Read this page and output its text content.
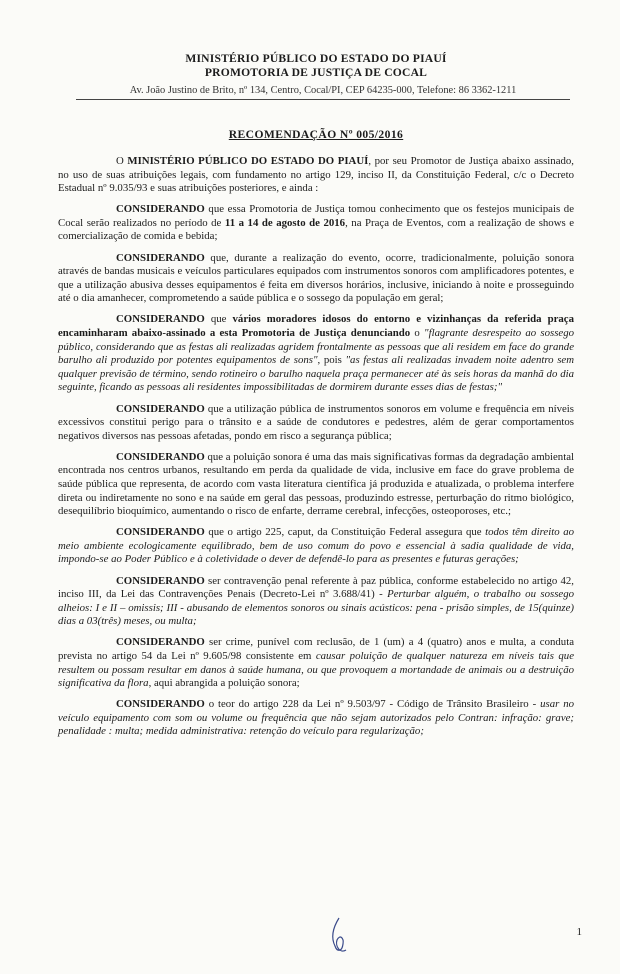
MINISTÉRIO PÚBLICO DO ESTADO DO PIAUÍ
PROMOTORIA DE JUSTIÇA DE COCAL
Av. João Justino de Brito, nº 134, Centro, Cocal/PI, CEP 64235-000, Telefone: 86 3362-1211
RECOMENDAÇÃO Nº 005/2016

O MINISTÉRIO PÚBLICO DO ESTADO DO PIAUÍ, por seu Promotor de Justiça abaixo assinado, no uso de suas atribuições legais, com fundamento no artigo 129, inciso II, da Constituição Federal, c/c o Decreto Estadual nº 9.035/93 e suas atribuições posteriores, e ainda :

CONSIDERANDO que essa Promotoria de Justiça tomou conhecimento que os festejos municipais de Cocal serão realizados no período de 11 a 14 de agosto de 2016, na Praça de Eventos, com a realização de shows e comercialização de comida e bebida;

CONSIDERANDO que, durante a realização do evento, ocorre, tradicionalmente, poluição sonora através de bandas musicais e veículos particulares equipados com instrumentos sonoros com amplificadores potentes, e que a utilização abusiva desses equipamentos é feita em diversos horários, inclusive, iniciando à noite e prosseguindo até o dia amanhecer, comprometendo a saúde pública e o sossego da população em geral;

CONSIDERANDO que vários moradores idosos do entorno e vizinhanças da referida praça encaminharam abaixo-assinado a esta Promotoria de Justiça denunciando o "flagrante desrespeito ao sossego público, considerando que as festas ali realizadas agridem frontalmente as pessoas que ali residem em face do grande barulho ali produzido por potentes equipamentos de sons", pois "as festas ali realizadas invadem noite adentro sem qualquer previsão de término, sendo rotineiro o barulho naquela praça permanecer até às seis horas da manhã do dia seguinte, ficando as pessoas ali residentes impossibilitadas de dormirem durante esses dias de festas;"

CONSIDERANDO que a utilização pública de instrumentos sonoros em volume e frequência em níveis excessivos constitui perigo para o trânsito e a saúde de condutores e pedestres, além de gerar comportamentos negativos diversos nas pessoas afetadas, pondo em risco a segurança pública;

CONSIDERANDO que a poluição sonora é uma das mais significativas formas da degradação ambiental encontrada nos centros urbanos, resultando em perda da qualidade de vida, inclusive em face do grave problema de saúde pública que representa, de acordo com vasta literatura científica já produzida e atualizada, o problema interfere direta ou indiretamente no sono e na saúde em geral das pessoas, produzindo estresse, perturbação do ritmo biológico, desequilíbrio bioquímico, aumentando o risco de enfarte, derrame cerebral, infecções, osteoporoses, etc.;

CONSIDERANDO que o artigo 225, caput, da Constituição Federal assegura que todos têm direito ao meio ambiente ecologicamente equilibrado, bem de uso comum do povo e essencial à sadia qualidade de vida, impondo-se ao Poder Público e à coletividade o dever de defendê-lo para as presentes e futuras gerações;

CONSIDERANDO ser contravenção penal referente à paz pública, conforme estabelecido no artigo 42, inciso III, da Lei das Contravenções Penais (Decreto-Lei nº 3.688/41) - Perturbar alguém, o trabalho ou sossego alheios: I e II – omissis; III - abusando de elementos sonoros ou sinais acústicos: pena - prisão simples, de 15(quinze) dias a 03(três) meses, ou multa;

CONSIDERANDO ser crime, punível com reclusão, de 1 (um) a 4 (quatro) anos e multa, a conduta prevista no artigo 54 da Lei nº 9.605/98 consistente em causar poluição de qualquer natureza em níveis tais que resultem ou possam resultar em danos à saúde humana, ou que provoquem a mortandade de animais ou a destruição significativa da flora, aqui abrangida a poluição sonora;

CONSIDERANDO o teor do artigo 228 da Lei nº 9.503/97 - Código de Trânsito Brasileiro - usar no veículo equipamento com som ou volume ou frequência que não sejam autorizados pelo Contran: infração: grave; penalidade : multa; medida administrativa: retenção do veículo para regularização;

1
